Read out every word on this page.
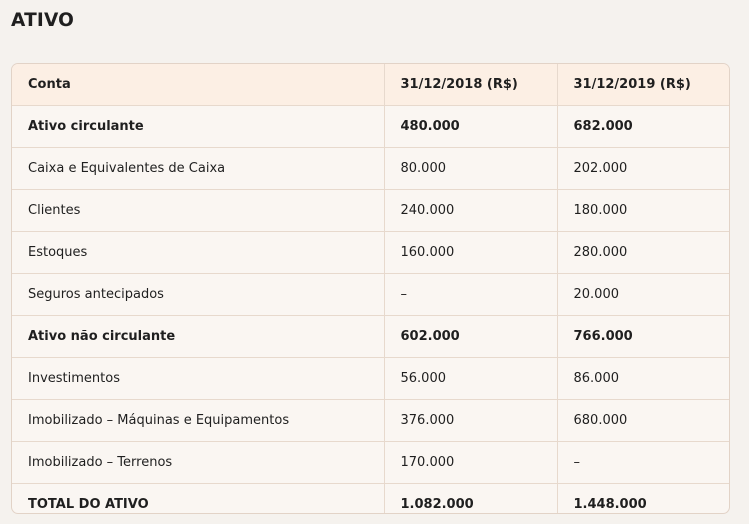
ATIVO
Conta	31/12/2018 (R$)	31/12/2019 (R$)
Ativo circulante	480.000	682.000
Caixa e Equivalentes de Caixa	80.000	202.000
Clientes	240.000	180.000
Estoques	160.000	280.000
Seguros antecipados	–	20.000
Ativo não circulante	602.000	766.000
Investimentos	56.000	86.000
Imobilizado – Máquinas e Equipamentos	376.000	680.000
Imobilizado – Terrenos	170.000	–
TOTAL DO ATIVO	1.082.000	1.448.000
